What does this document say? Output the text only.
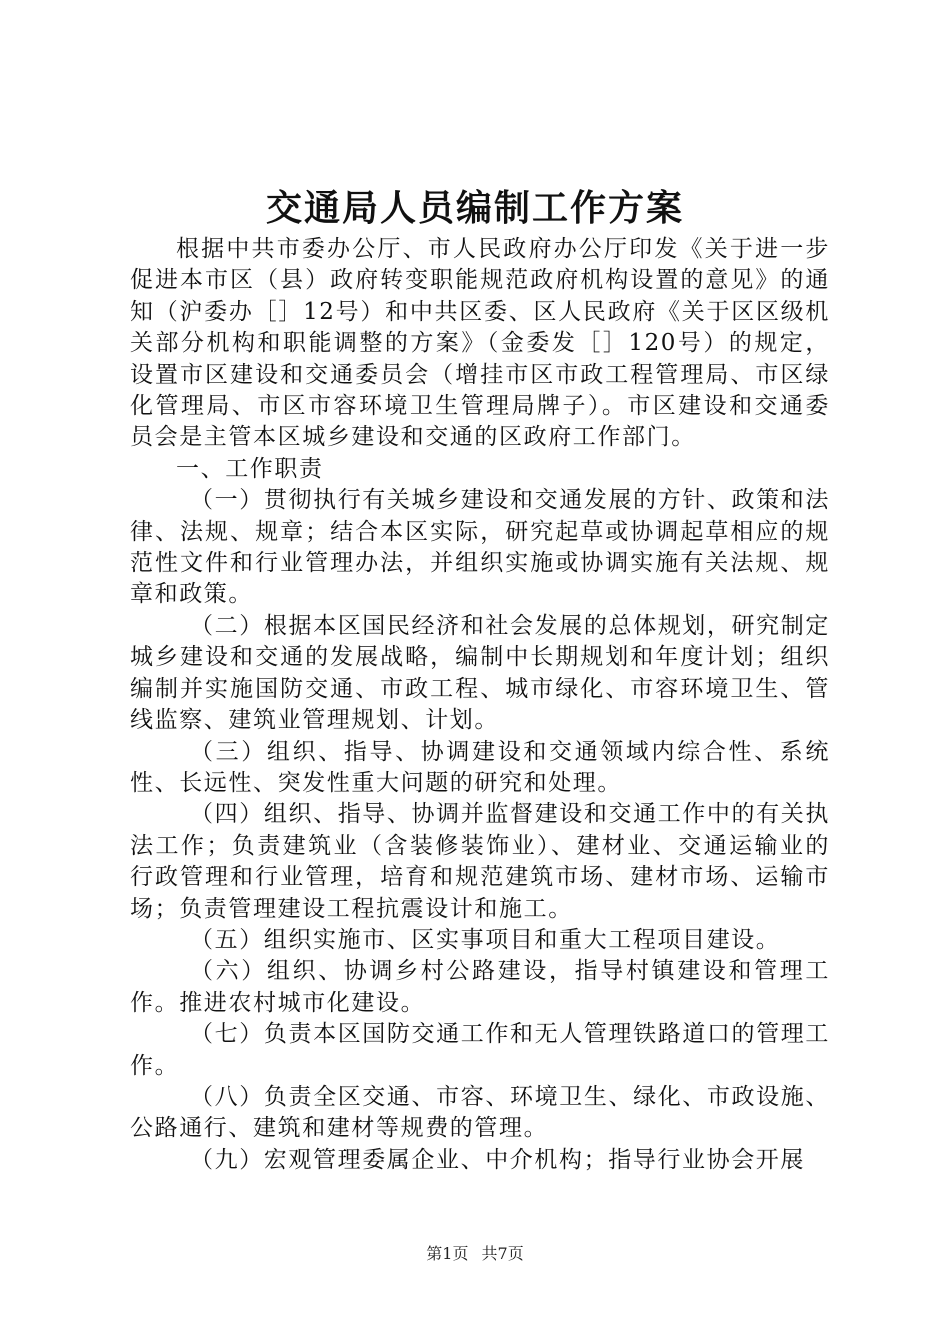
交通局人员编制工作方案

根据中共市委办公厅、市人民政府办公厅印发《关于进一步促进本市区（县）政府转变职能规范政府机构设置的意见》的通知（沪委办［］12号）和中共区委、区人民政府《关于区区级机关部分机构和职能调整的方案》（金委发［］120号）的规定，设置市区建设和交通委员会（增挂市区市政工程管理局、市区绿化管理局、市区市容环境卫生管理局牌子）。市区建设和交通委员会是主管本区城乡建设和交通的区政府工作部门。

一、工作职责

（一）贯彻执行有关城乡建设和交通发展的方针、政策和法律、法规、规章；结合本区实际，研究起草或协调起草相应的规范性文件和行业管理办法，并组织实施或协调实施有关法规、规章和政策。

（二）根据本区国民经济和社会发展的总体规划，研究制定城乡建设和交通的发展战略，编制中长期规划和年度计划；组织编制并实施国防交通、市政工程、城市绿化、市容环境卫生、管线监察、建筑业管理规划、计划。

（三）组织、指导、协调建设和交通领域内综合性、系统性、长远性、突发性重大问题的研究和处理。

（四）组织、指导、协调并监督建设和交通工作中的有关执法工作；负责建筑业（含装修装饰业）、建材业、交通运输业的行政管理和行业管理，培育和规范建筑市场、建材市场、运输市场；负责管理建设工程抗震设计和施工。

（五）组织实施市、区实事项目和重大工程项目建设。

（六）组织、协调乡村公路建设，指导村镇建设和管理工作。推进农村城市化建设。

（七）负责本区国防交通工作和无人管理铁路道口的管理工作。

（八）负责全区交通、市容、环境卫生、绿化、市政设施、公路通行、建筑和建材等规费的管理。

（九）宏观管理委属企业、中介机构；指导行业协会开展

第1页 共7页
